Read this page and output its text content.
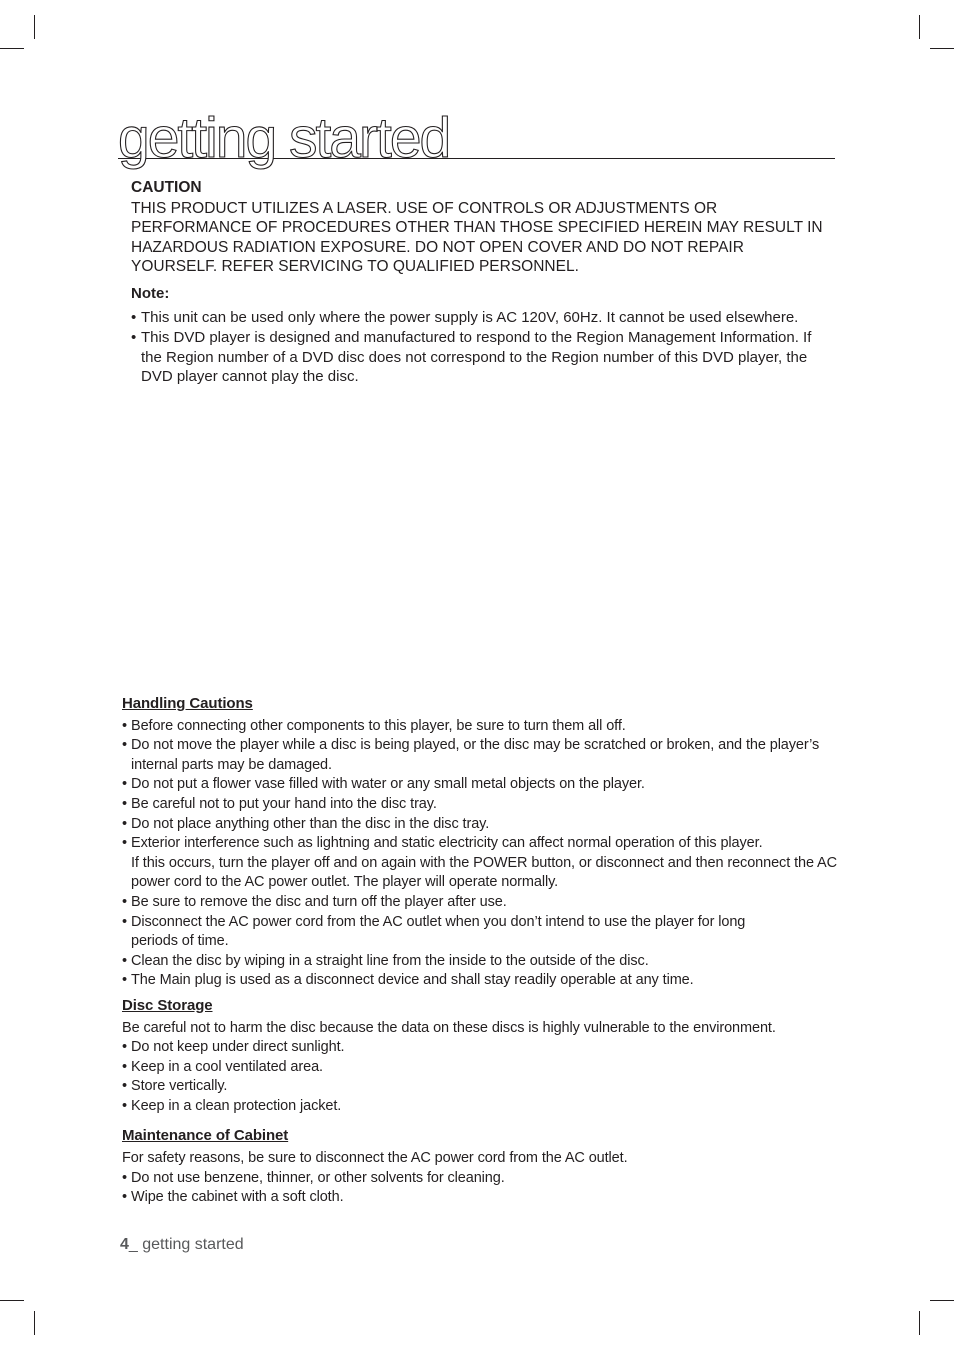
getting started
CAUTION

THIS PRODUCT UTILIZES A LASER. USE OF CONTROLS OR ADJUSTMENTS OR PERFORMANCE OF PROCEDURES OTHER THAN THOSE SPECIFIED HEREIN MAY RESULT IN HAZARDOUS RADIATION EXPOSURE. DO NOT OPEN COVER AND DO NOT REPAIR YOURSELF. REFER SERVICING TO QUALIFIED PERSONNEL.

Note:
• This unit can be used only where the power supply is AC 120V, 60Hz. It cannot be used elsewhere.
• This DVD player is designed and manufactured to respond to the Region Management Information. If the Region number of a DVD disc does not correspond to the Region number of this DVD player, the DVD player cannot play the disc.
Handling Cautions
• Before connecting other components to this player, be sure to turn them all off.
• Do not move the player while a disc is being played, or the disc may be scratched or broken, and the player’s internal parts may be damaged.
• Do not put a flower vase filled with water or any small metal objects on the player.
• Be careful not to put your hand into the disc tray.
• Do not place anything other than the disc in the disc tray.
• Exterior interference such as lightning and static electricity can affect normal operation of this player.

If this occurs, turn the player off and on again with the POWER button, or disconnect and then reconnect the AC power cord to the AC power outlet. The player will operate normally.

• Be sure to remove the disc and turn off the player after use.
• Disconnect the AC power cord from the AC outlet when you don’t intend to use the player for long

periods of time.

• Clean the disc by wiping in a straight line from the inside to the outside of the disc.
• The Main plug is used as a disconnect device and shall stay readily operable at any time.
Disc Storage

Be careful not to harm the disc because the data on these discs is highly vulnerable to the environment.

• Do not keep under direct sunlight.
• Keep in a cool ventilated area.
• Store vertically.
• Keep in a clean protection jacket.
Maintenance of Cabinet

For safety reasons, be sure to disconnect the AC power cord from the AC outlet.

• Do not use benzene, thinner, or other solvents for cleaning.
• Wipe the cabinet with a soft cloth.
4_ getting started
